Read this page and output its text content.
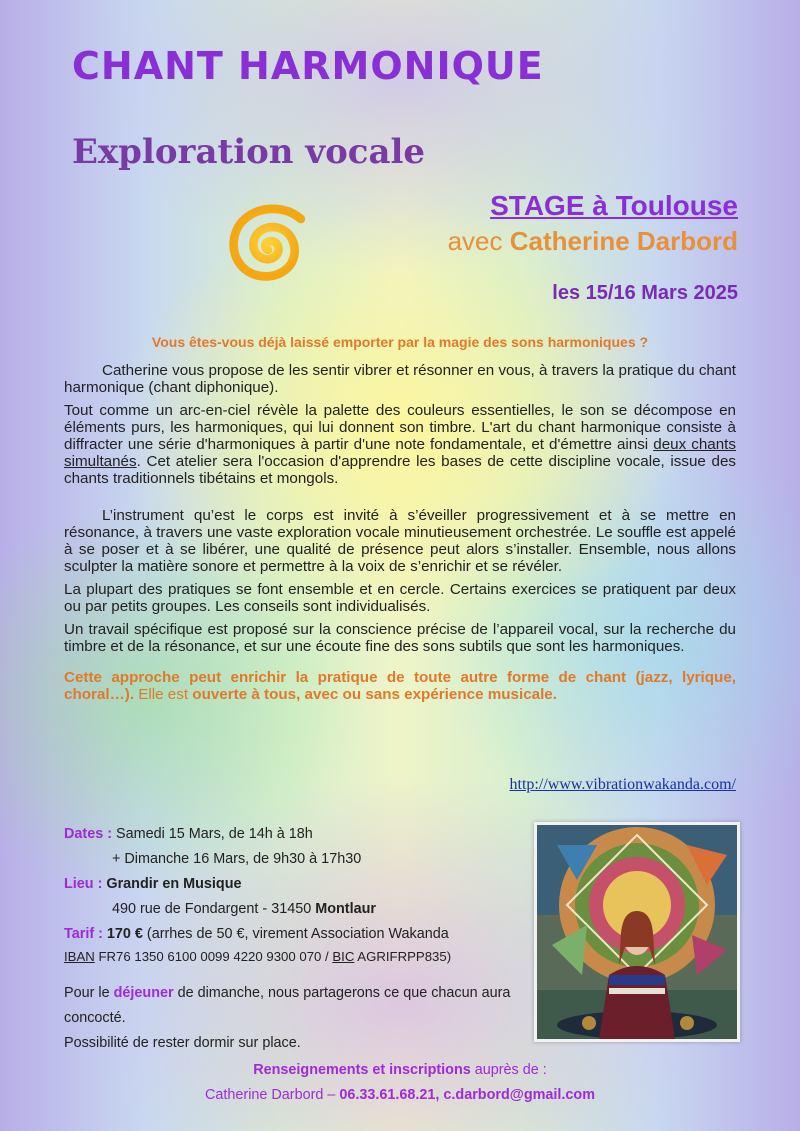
CHANT HARMONIQUE
Exploration vocale
STAGE à Toulouse
avec Catherine Darbord
les 15/16 Mars 2025
Vous êtes-vous déjà laissé emporter par la magie des sons harmoniques ?

Catherine vous propose de les sentir vibrer et résonner en vous, à travers la pratique du chant harmonique (chant diphonique).

Tout comme un arc-en-ciel révèle la palette des couleurs essentielles, le son se décompose en éléments purs, les harmoniques, qui lui donnent son timbre. L'art du chant harmonique consiste à diffracter une série d'harmoniques à partir d'une note fondamentale, et d'émettre ainsi deux chants simultanés. Cet atelier sera l'occasion d'apprendre les bases de cette discipline vocale, issue des chants traditionnels tibétains et mongols.

L’instrument qu’est le corps est invité à s’éveiller progressivement et à se mettre en résonance, à travers une vaste exploration vocale minutieusement orchestrée. Le souffle est appelé à se poser et à se libérer, une qualité de présence peut alors s’installer. Ensemble, nous allons sculpter la matière sonore et permettre à la voix de s’enrichir et se révéler.

La plupart des pratiques se font ensemble et en cercle. Certains exercices se pratiquent par deux ou par petits groupes. Les conseils sont individualisés.

Un travail spécifique est proposé sur la conscience précise de l’appareil vocal, sur la recherche du timbre et de la résonance, et sur une écoute fine des sons subtils que sont les harmoniques.

Cette approche peut enrichir la pratique de toute autre forme de chant (jazz, lyrique, choral…). Elle est ouverte à tous, avec ou sans expérience musicale.

http://www.vibrationwakanda.com/
Dates : Samedi 15 Mars, de 14h à 18h
+ Dimanche 16 Mars, de 9h30 à 17h30
Lieu : Grandir en Musique
490 rue de Fondargent - 31450 Montlaur
Tarif : 170 € (arrhes de 50 €, virement Association Wakanda
IBAN FR76 1350 6100 0099 4220 9300 070 / BIC AGRIFRPP835)
Pour le déjeuner de dimanche, nous partagerons ce que chacun aura concocté.
Possibilité de rester dormir sur place.
Renseignements et inscriptions auprès de :
Catherine Darbord – 06.33.61.68.21, c.darbord@gmail.com
